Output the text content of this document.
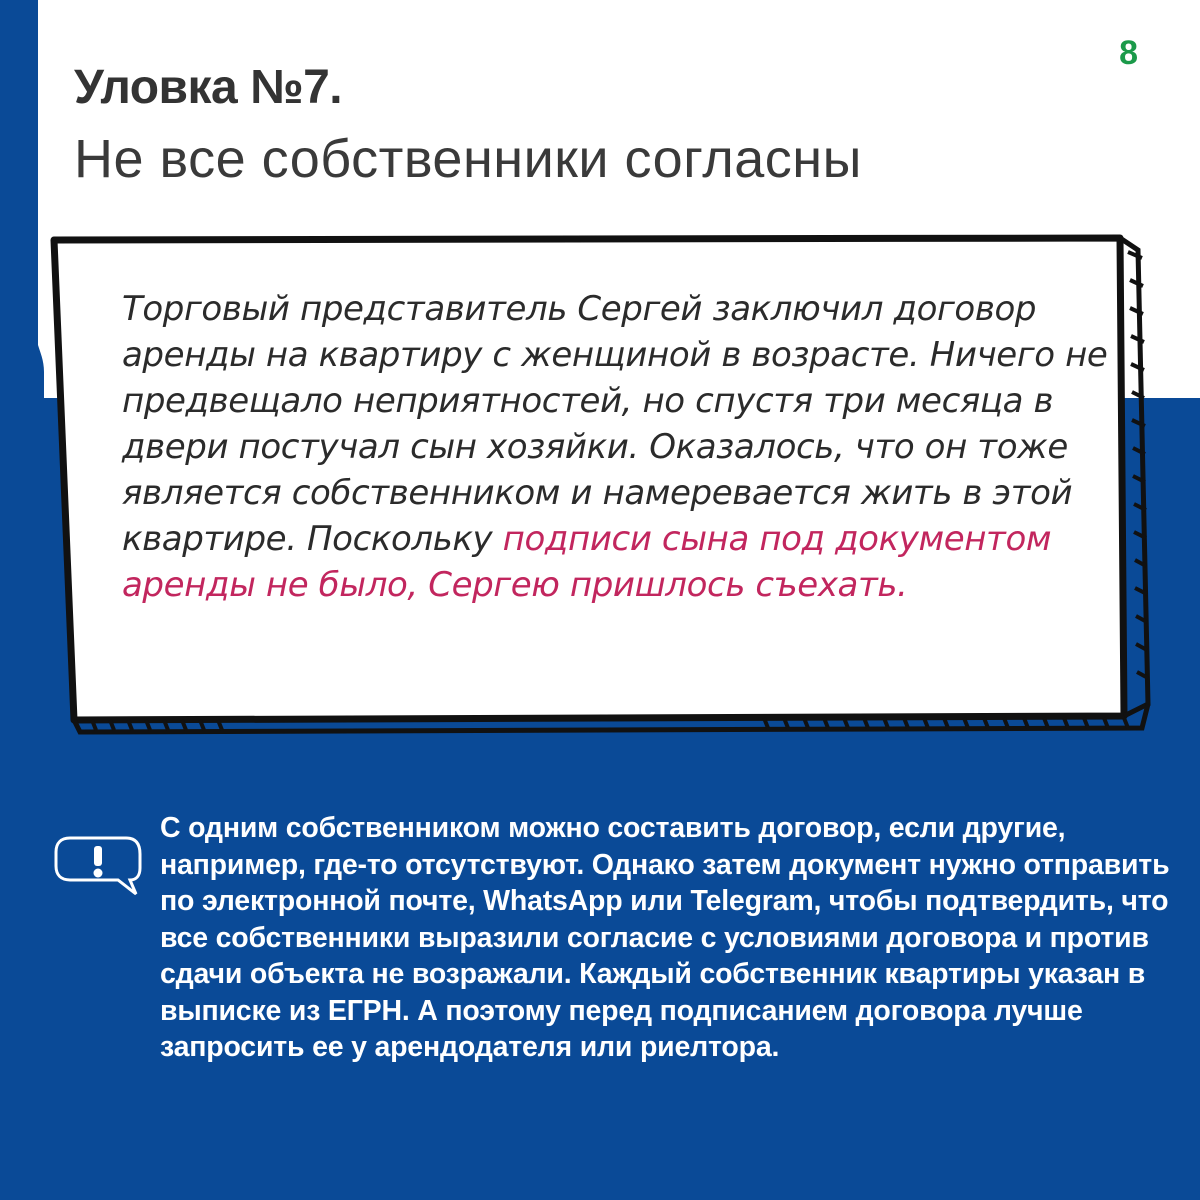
8
Уловка №7.
Не все собственники согласны

Торговый представитель Сергей заключил договор аренды на квартиру с женщиной в возрасте. Ничего не предвещало неприятностей, но спустя три месяца в двери постучал сын хозяйки. Оказалось, что он тоже является собственником и намеревается жить в этой квартире. Поскольку подписи сына под документом аренды не было, Сергею пришлось съехать.

С одним собственником можно составить договор, если другие, например, где-то отсутствуют. Однако затем документ нужно отправить по электронной почте, WhatsApp или Telegram, чтобы подтвердить, что все собственники выразили согласие с условиями договора и против сдачи объекта не возражали. Каждый собственник квартиры указан в выписке из ЕГРН. А поэтому перед подписанием договора лучше запросить ее у арендодателя или риелтора.
